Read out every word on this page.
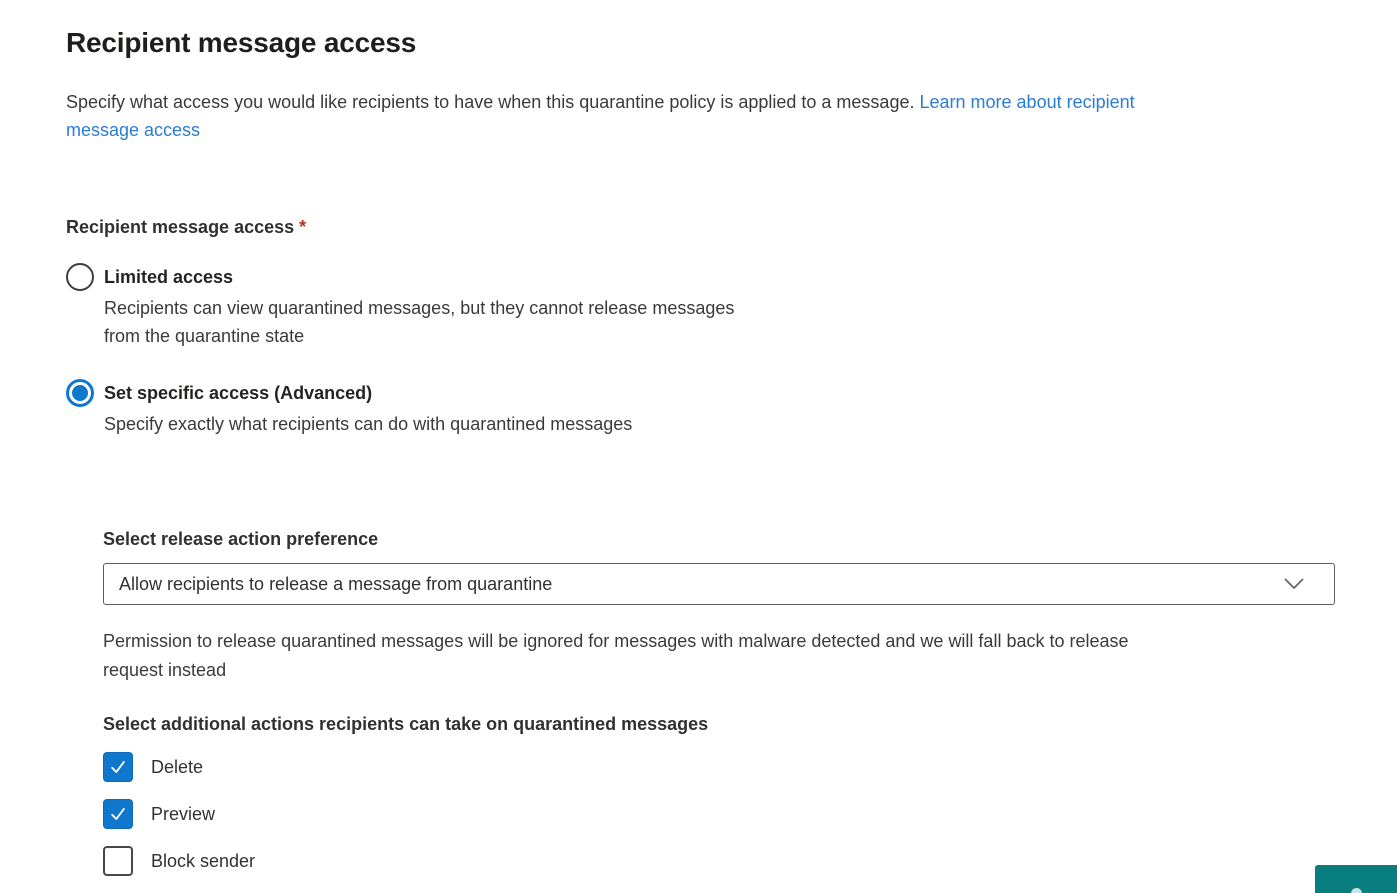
Recipient message access

Specify what access you would like recipients to have when this quarantine policy is applied to a message. Learn more about recipient
message access

Recipient message access *
Limited access
Recipients can view quarantined messages, but they cannot release messages
from the quarantine state
Set specific access (Advanced)
Specify exactly what recipients can do with quarantined messages
Select release action preference
Allow recipients to release a message from quarantine

Permission to release quarantined messages will be ignored for messages with malware detected and we will fall back to release
request instead

Select additional actions recipients can take on quarantined messages
Delete
Preview
Block sender
